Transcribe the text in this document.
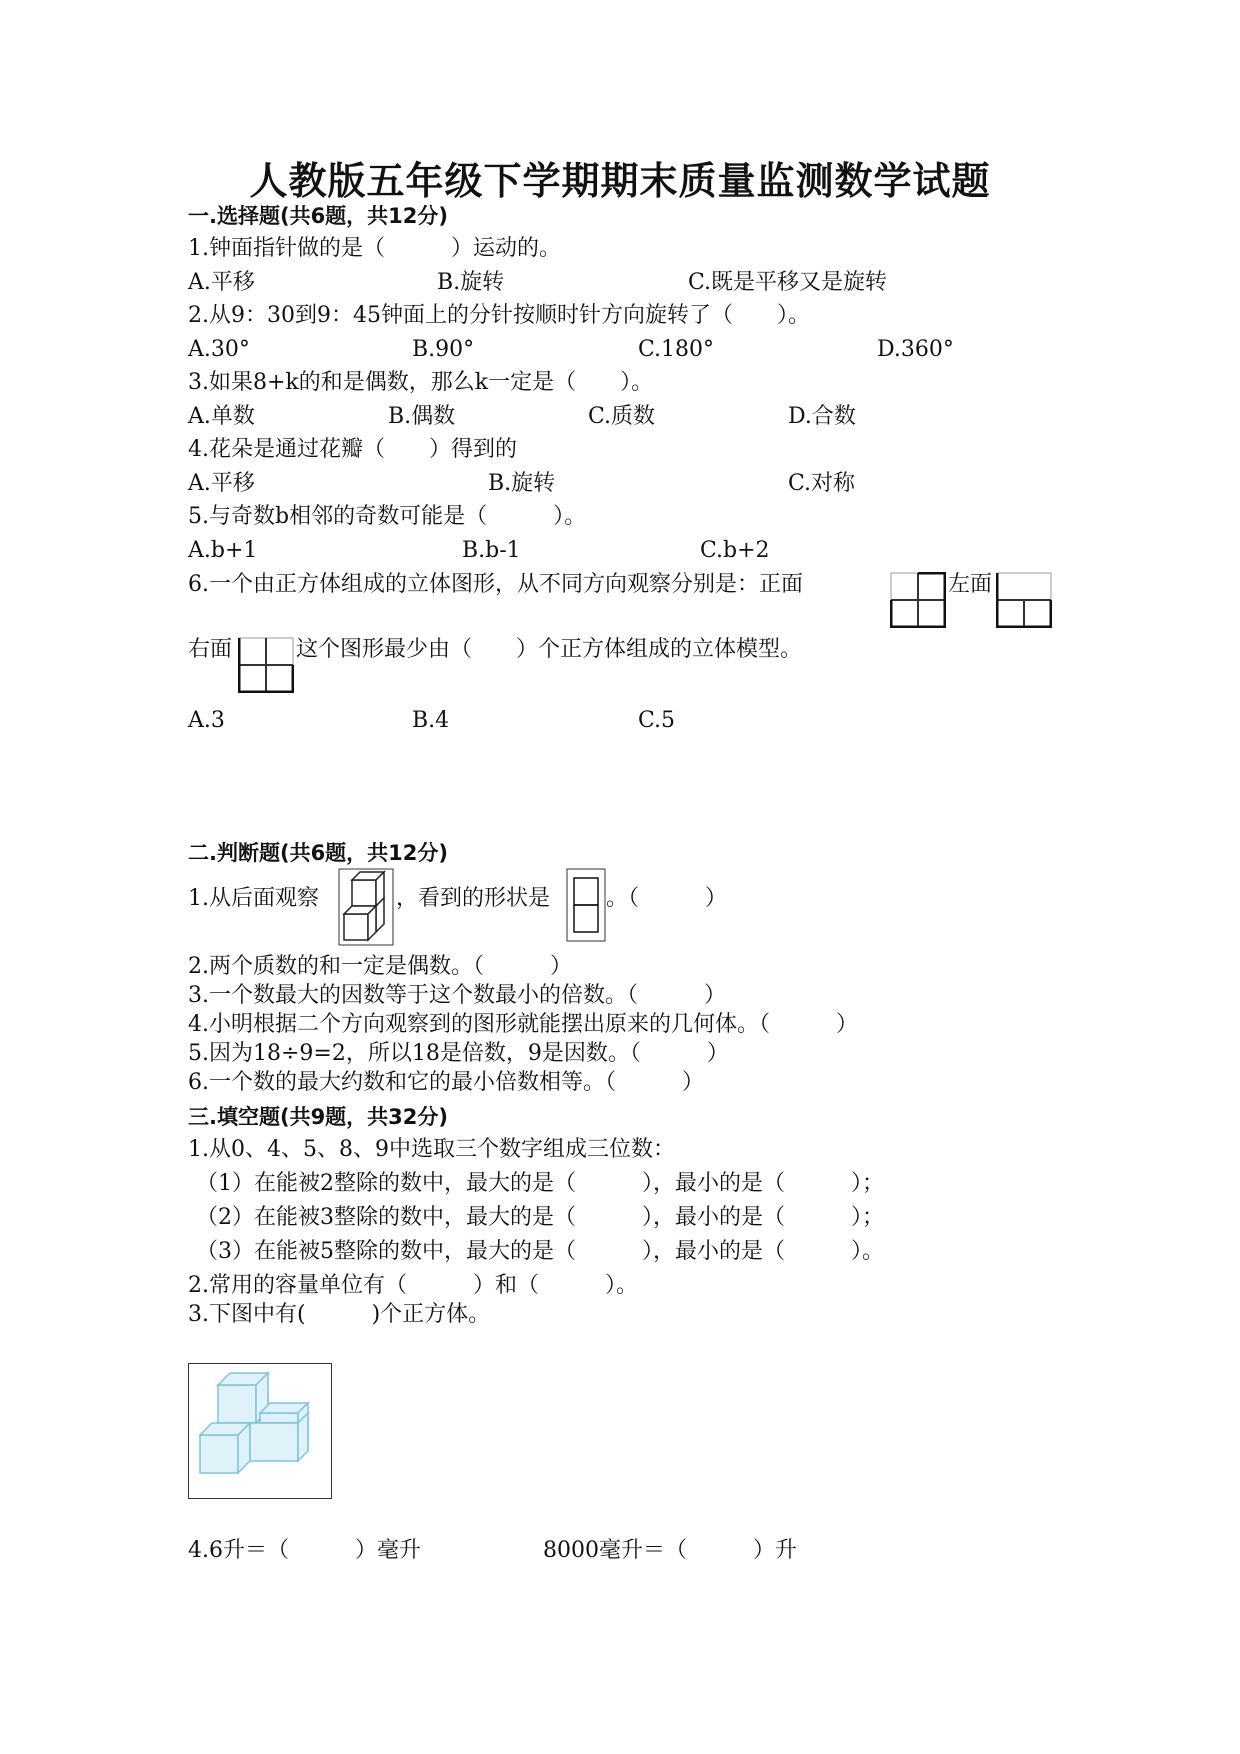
人教版五年级下学期期末质量监测数学试题
一.选择题(共6题，共12分)
1.钟面指针做的是（　　　）运动的。
A.平移	B.旋转	C.既是平移又是旋转
2.从9：30到9：45钟面上的分针按顺时针方向旋转了（　　）。
A.30°	B.90°	C.180°	D.360°
3.如果8+k的和是偶数，那么k一定是（　　）。
A.单数	B.偶数	C.质数	D.合数
4.花朵是通过花瓣（　　）得到的
A.平移	B.旋转	C.对称
5.与奇数b相邻的奇数可能是（　　　）。
A.b+1	B.b-1	C.b+2
6.一个由正方体组成的立体图形，从不同方向观察分别是：正面	左面
右面	这个图形最少由（　　）个正方体组成的立体模型。
A.3	B.4	C.5
二.判断题(共6题，共12分)
1.从后面观察	，看到的形状是	。（　　　）
2.两个质数的和一定是偶数。（　　　）
3.一个数最大的因数等于这个数最小的倍数。（　　　）
4.小明根据二个方向观察到的图形就能摆出原来的几何体。（　　　）
5.因为18÷9=2，所以18是倍数，9是因数。（　　　）
6.一个数的最大约数和它的最小倍数相等。（　　　）
三.填空题(共9题，共32分)
1.从0、4、5、8、9中选取三个数字组成三位数：
（1）在能被2整除的数中，最大的是（　　　），最小的是（　　　）；
（2）在能被3整除的数中，最大的是（　　　），最小的是（　　　）；
（3）在能被5整除的数中，最大的是（　　　），最小的是（　　　）。
2.常用的容量单位有（　　　）和（　　　）。
3.下图中有(　　　)个正方体。
4.6升＝（　　　）毫升	8000毫升＝（　　　）升
